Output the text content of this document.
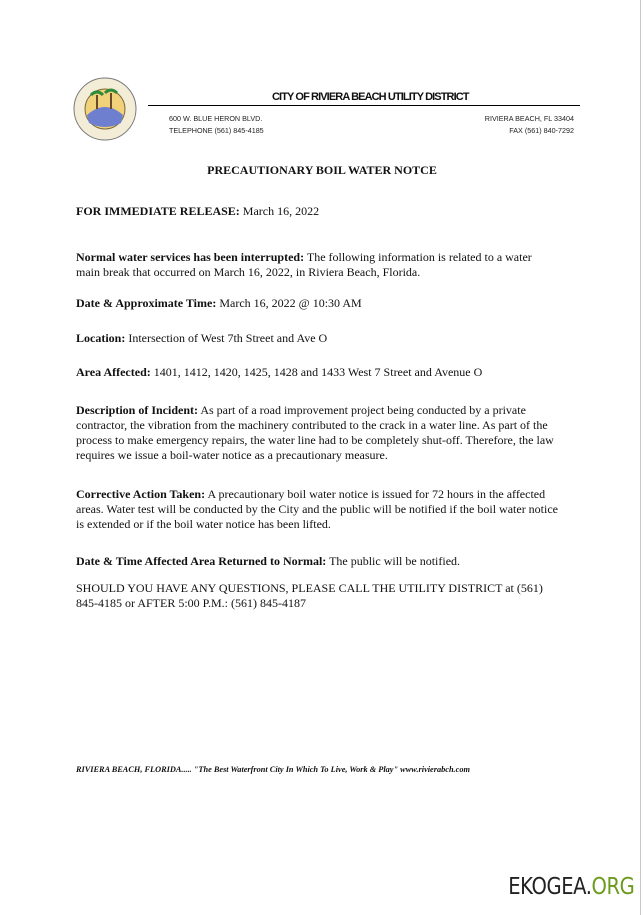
CITY OF RIVIERA BEACH UTILITY DISTRICT
600 W. BLUE HERON BLVD.
TELEPHONE (561) 845-4185
RIVIERA BEACH, FL 33404
FAX (561) 840-7292
PRECAUTIONARY BOIL WATER NOTCE
FOR IMMEDIATE RELEASE: March 16, 2022
Normal water services has been interrupted: The following information is related to a water main break that occurred on March 16, 2022, in Riviera Beach, Florida.
Date & Approximate Time: March 16, 2022 @ 10:30 AM
Location: Intersection of West 7th Street and Ave O
Area Affected: 1401, 1412, 1420, 1425, 1428 and 1433 West 7 Street and Avenue O
Description of Incident: As part of a road improvement project being conducted by a private contractor, the vibration from the machinery contributed to the crack in a water line. As part of the process to make emergency repairs, the water line had to be completely shut-off. Therefore, the law requires we issue a boil-water notice as a precautionary measure.
Corrective Action Taken: A precautionary boil water notice is issued for 72 hours in the affected areas. Water test will be conducted by the City and the public will be notified if the boil water notice is extended or if the boil water notice has been lifted.
Date & Time Affected Area Returned to Normal: The public will be notified.
SHOULD YOU HAVE ANY QUESTIONS, PLEASE CALL THE UTILITY DISTRICT at (561) 845-4185 or AFTER 5:00 P.M.: (561) 845-4187
RIVIERA BEACH, FLORIDA..... "The Best Waterfront City In Which To Live, Work & Play" www.rivierabch.com
EKOGEA.ORG
